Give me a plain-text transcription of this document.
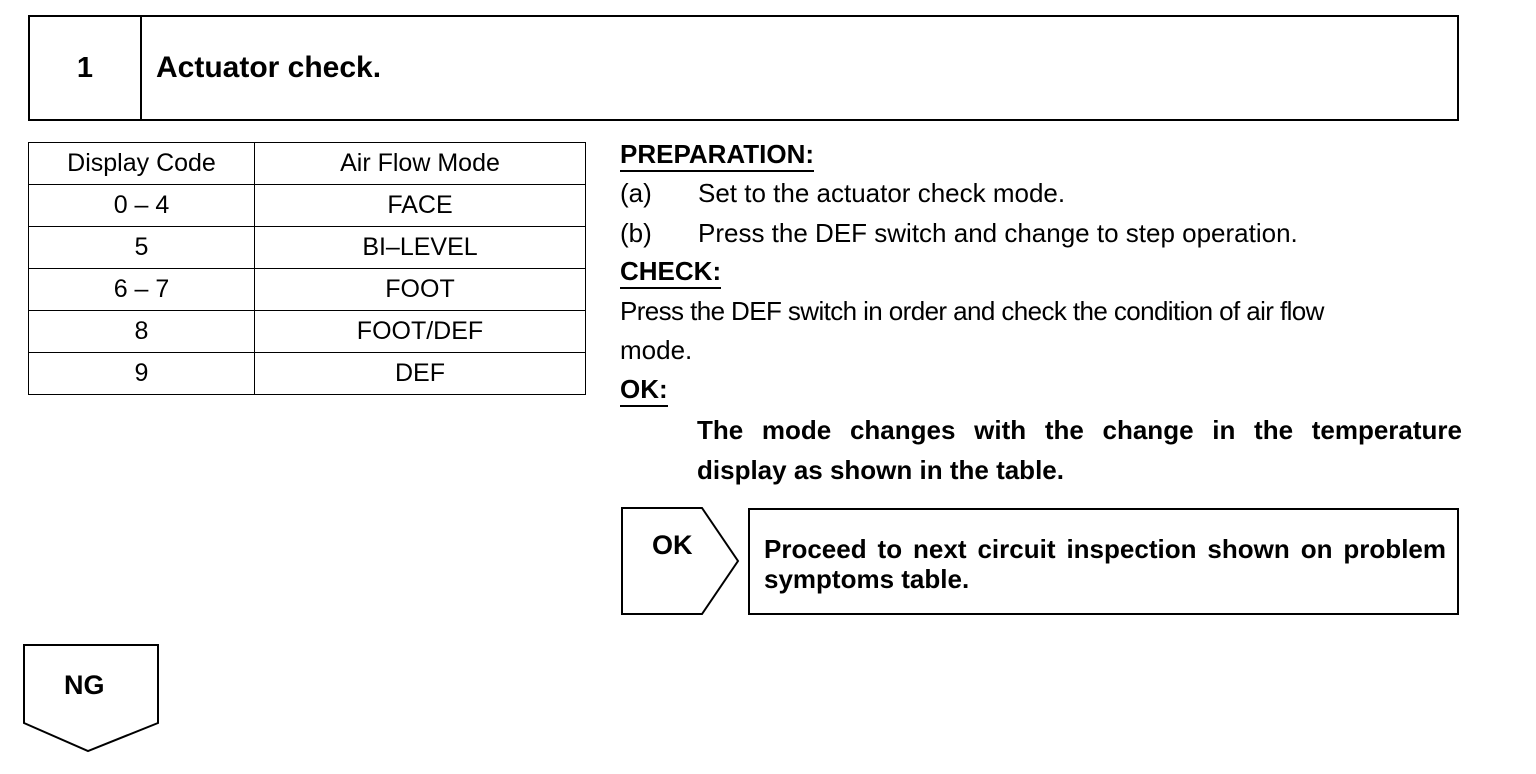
1	Actuator check.
Display Code	Air Flow Mode
0 – 4	FACE
5	BI–LEVEL
6 – 7	FOOT
8	FOOT/DEF
9	DEF
PREPARATION:
(a) Set to the actuator check mode.
(b) Press the DEF switch and change to step operation.
CHECK:
Press the DEF switch in order and check the condition of air flow
mode.
OK:
The mode changes with the change in the temperature display as shown in the table.
OK	Proceed to next circuit inspection shown on problem symptoms table.
NG
